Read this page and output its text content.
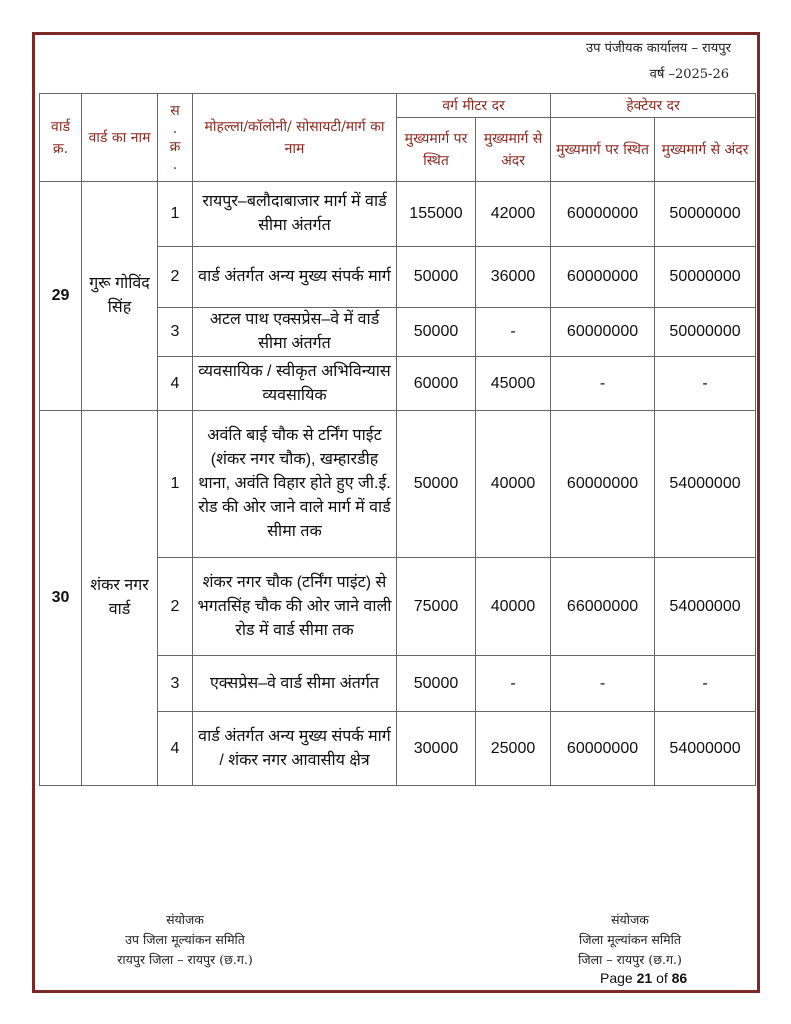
उप पंजीयक कार्यालय – रायपुर
वर्ष –2025-26
वार्ड क्र.	वार्ड का नाम	स
.
क्र
.	मोहल्ला/कॉलोनी/ सोसायटी/मार्ग का नाम	वर्ग मीटर दर		हेक्टेयर दर	
				मुख्यमार्ग पर स्थित	मुख्यमार्ग से अंदर	मुख्यमार्ग पर स्थित	मुख्यमार्ग से अंदर
29	गुरू गोविंद सिंह	1	रायपुर–बलौदाबाजार मार्ग में वार्ड सीमा अंतर्गत	155000	42000	60000000	50000000
		2	वार्ड अंतर्गत अन्य मुख्य संपर्क मार्ग	50000	36000	60000000	50000000
		3	अटल पाथ एक्सप्रेस–वे में वार्ड सीमा अंतर्गत	50000	-	60000000	50000000
		4	व्यवसायिक / स्वीकृत अभिविन्यास व्यवसायिक	60000	45000	-	-
30	शंकर नगर वार्ड	1	अवंति बाई चौक से टर्निंग पाईट (शंकर नगर चौक), खम्हारडीह थाना, अवंति विहार होते हुए जी.ई. रोड की ओर जाने वाले मार्ग में वार्ड सीमा तक	50000	40000	60000000	54000000
		2	शंकर नगर चौक (टर्निंग पाइंट) से भगतसिंह चौक की ओर जाने वाली रोड में वार्ड सीमा तक	75000	40000	66000000	54000000
		3	एक्सप्रेस–वे वार्ड सीमा अंतर्गत	50000	-	-	-
		4	वार्ड अंतर्गत अन्य मुख्य संपर्क मार्ग / शंकर नगर आवासीय क्षेत्र	30000	25000	60000000	54000000
संयोजक
उप जिला मूल्यांकन समिति
रायपुर जिला – रायपुर (छ.ग.)
संयोजक
जिला मूल्यांकन समिति
जिला – रायपुर (छ.ग.)
Page 21 of 86
